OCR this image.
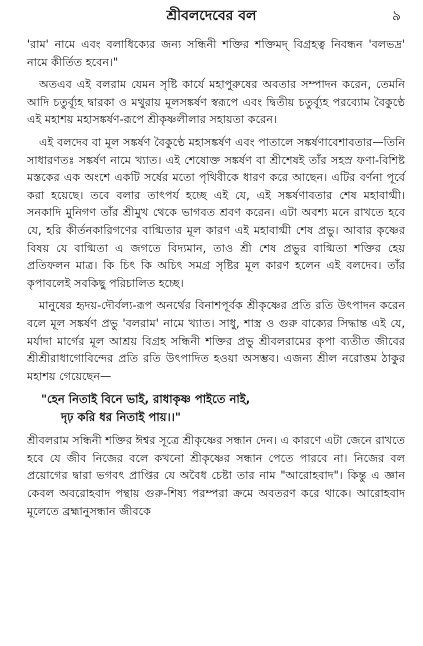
শ্রীবলদেবের বল	৯

'রাম' নামে এবং বলাধিক্যের জন্য সন্ধিনী শক্তির শক্তিমদ্ বিগ্রহত্ব নিবন্ধন 'বলভদ্র' নামে কীর্তিত হবেন।"

অতএব এই বলরাম যেমন সৃষ্টি কার্যে মহাপুরুষের অবতার সম্পাদন করেন, তেমনি আদি চতুর্ব্যূহ দ্বারকা ও মথুরায় মূলসঙ্কর্ষণ স্বরূপে এবং দ্বিতীয় চতুর্ব্যূহ পরব্যোম বৈকুণ্ঠে এই মহাশয় মহাসঙ্কর্ষণ-রূপে শ্রীকৃষ্ণলীলার সহায়তা করেন।

এই বলদেব বা মূল সঙ্কর্ষণ বৈকুণ্ঠে মহাসঙ্কর্ষণ এবং পাতালে সঙ্কর্ষণাবেশাবতার—তিনি সাধারণতঃ সঙ্কর্ষণ নামে খ্যাত। এই শেষোক্ত সঙ্কর্ষণ বা শ্রীশেষই তাঁর সহস্র ফণা-বিশিষ্ট মস্তকের এক অংশে একটি সর্ষের মতো পৃথিবীকে ধারণ করে আছেন। এটির বর্ণনা পূর্বে করা হয়েছে। তবে বলার তাৎপর্য হচ্ছে এই যে, এই সঙ্কর্ষণাবতার শেষ মহাবাগ্মী। সনকাদি মুনিগণ তাঁর শ্রীমুখ থেকে ভাগবত শ্রবণ করেন। এটা অবশ্য মনে রাখতে হবে যে, হরি কীর্তনকারিগণের বাগ্মিতার মূল কারণ এই মহাবাগ্মী শেষ প্রভু। আবার কৃষ্ণের বিষয় যে বাগ্মিতা এ জগতে বিদ্যমান, তাও শ্রী শেষ প্রভুর বাগ্মিতা শক্তির হেয় প্রতিফলন মাত্র। কি চিৎ কি অচিৎ সমগ্র সৃষ্টির মূল কারণ হলেন এই বলদেব। তাঁর কৃপাবলেই সবকিছু পরিচালিত হচ্ছে।

মানুষের হৃদয়-দৌর্বল্য-রূপ অনর্থের বিনাশপূর্বক শ্রীকৃষ্ণের প্রতি রতি উৎপাদন করেন বলে মূল সঙ্কর্ষণ প্রভু 'বলরাম' নামে খ্যাত। সাধু, শাস্ত্র ও গুরু বাক্যের সিদ্ধান্ত এই যে, মর্যাদা মার্গের মূল আশ্রয় বিগ্রহ সন্ধিনী শক্তির প্রভু শ্রীবলরামের কৃপা ব্যতীত জীবের শ্রীশ্রীরাধাগোবিন্দের প্রতি রতি উৎপাদিত হওয়া অসম্ভব। এজন্য শ্রীল নরোত্তম ঠাকুর মহাশয় গেয়েছেন—

"হেন নিতাই বিনে ভাই, রাধাকৃষ্ণ পাইতে নাই,
দৃঢ় করি ধর নিতাই পায়।।"

শ্রীবলরাম সন্ধিনী শক্তির ঈশ্বর সূত্রে শ্রীকৃষ্ণের সন্ধান দেন। এ কারণে এটা জেনে রাখতে হবে যে জীব নিজের বলে কখনো শ্রীকৃষ্ণের সন্ধান পেতে পারবে না। নিজের বল প্রয়োগের দ্বারা ভগবৎ প্রাপ্তির যে অবৈধ চেষ্টা তার নাম "আরোহবাদ"। কিন্তু এ জ্ঞান কেবল অবরোহবাদ পন্থায় গুরু-শিষ্য পরম্পরা ক্রমে অবতরণ করে থাকে। আরোহবাদ মূলেতে ব্রহ্মানুসন্ধান জীবকে
